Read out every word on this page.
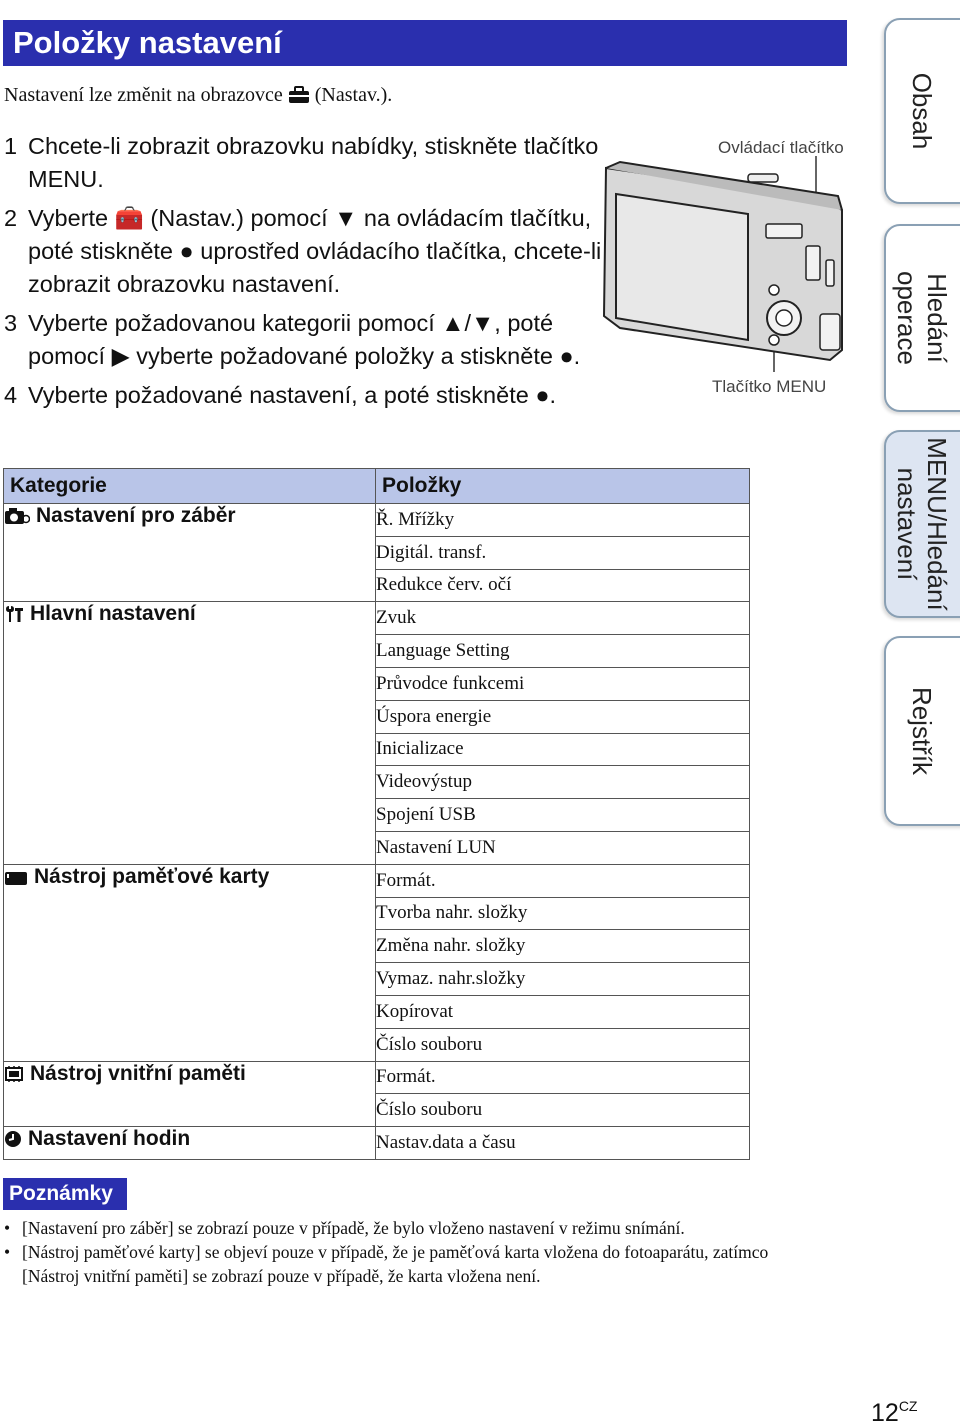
Položky nastavení
Nastavení lze změnit na obrazovce (Nastav.).
1 Chcete-li zobrazit obrazovku nabídky, stiskněte tlačítko MENU.
2 Vyberte 🧰 (Nastav.) pomocí ▼ na ovládacím tlačítku, poté stiskněte ● uprostřed ovládacího tlačítka, chcete-li zobrazit obrazovku nastavení.
3 Vyberte požadovanou kategorii pomocí ▲/▼, poté pomocí ▶ vyberte požadované položky a stiskněte ●.
4 Vyberte požadované nastavení, a poté stiskněte ●.
Ovládací tlačítko
Tlačítko MENU
Obsah
Hledání
operace
MENU/Hledání
nastavení
Rejstřík
Kategorie	Položky
Nastavení pro záběr	Ř. Mřížky
	Digitál. transf.
	Redukce červ. očí
Hlavní nastavení	Zvuk
	Language Setting
	Průvodce funkcemi
	Úspora energie
	Inicializace
	Videovýstup
	Spojení USB
	Nastavení LUN
Nástroj paměťové karty	Formát.
	Tvorba nahr. složky
	Změna nahr. složky
	Vymaz. nahr.složky
	Kopírovat
	Číslo souboru
Nástroj vnitřní paměti	Formát.
	Číslo souboru
Nastavení hodin	Nastav.data a času
Poznámky
• [Nastavení pro záběr] se zobrazí pouze v případě, že bylo vloženo nastavení v režimu snímání.
• [Nástroj paměťové karty] se objeví pouze v případě, že je paměťová karta vložena do fotoaparátu, zatímco [Nástroj vnitřní paměti] se zobrazí pouze v případě, že karta vložena není.
$12^{CZ}$
